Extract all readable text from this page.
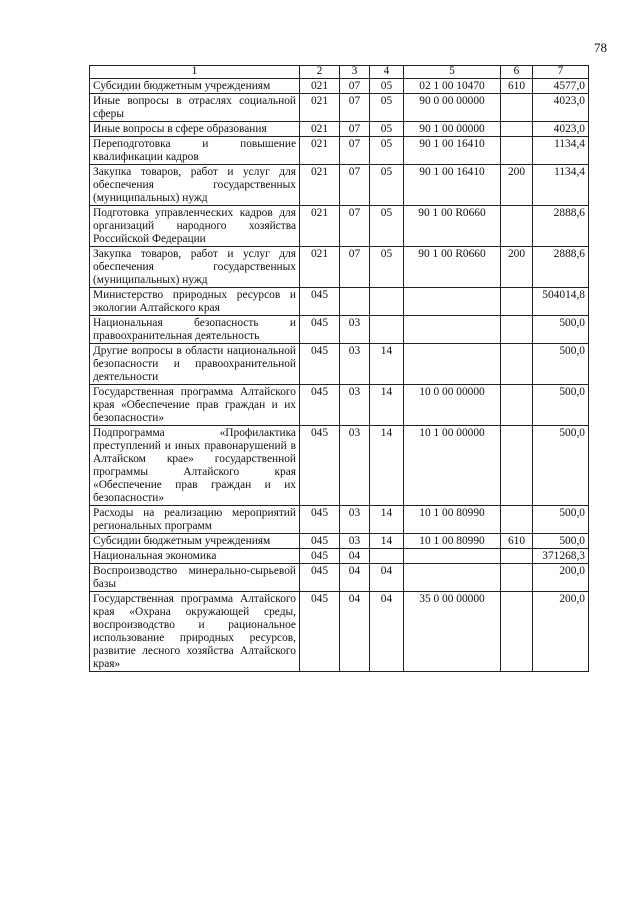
78
1	2	3	4	5	6	7
Субсидии бюджетным учреждениям	021	07	05	02 1 00 10470	610	4577,0
Иные вопросы в отраслях социальной сферы	021	07	05	90 0 00 00000		4023,0
Иные вопросы в сфере образования	021	07	05	90 1 00 00000		4023,0
Переподготовка и повышение квалификации кадров	021	07	05	90 1 00 16410		1134,4
Закупка товаров, работ и услуг для обеспечения государственных (муниципальных) нужд	021	07	05	90 1 00 16410	200	1134,4
Подготовка управленческих кадров для организаций народного хозяйства Российской Федерации	021	07	05	90 1 00 R0660		2888,6
Закупка товаров, работ и услуг для обеспечения государственных (муниципальных) нужд	021	07	05	90 1 00 R0660	200	2888,6
Министерство природных ресурсов и экологии Алтайского края	045					504014,8
Национальная безопасность и правоохранительная деятельность	045	03				500,0
Другие вопросы в области национальной безопасности и правоохранительной деятельности	045	03	14			500,0
Государственная программа Алтайского края «Обеспечение прав граждан и их безопасности»	045	03	14	10 0 00 00000		500,0
Подпрограмма «Профилактика преступлений и иных правонарушений в Алтайском крае» государственной программы Алтайского края «Обеспечение прав граждан и их безопасности»	045	03	14	10 1 00 00000		500,0
Расходы на реализацию мероприятий региональных программ	045	03	14	10 1 00 80990		500,0
Субсидии бюджетным учреждениям	045	03	14	10 1 00 80990	610	500,0
Национальная экономика	045	04				371268,3
Воспроизводство минерально-сырьевой базы	045	04	04			200,0
Государственная программа Алтайского края «Охрана окружающей среды, воспроизводство и рациональное использование природных ресурсов, развитие лесного хозяйства Алтайского края»	045	04	04	35 0 00 00000		200,0
